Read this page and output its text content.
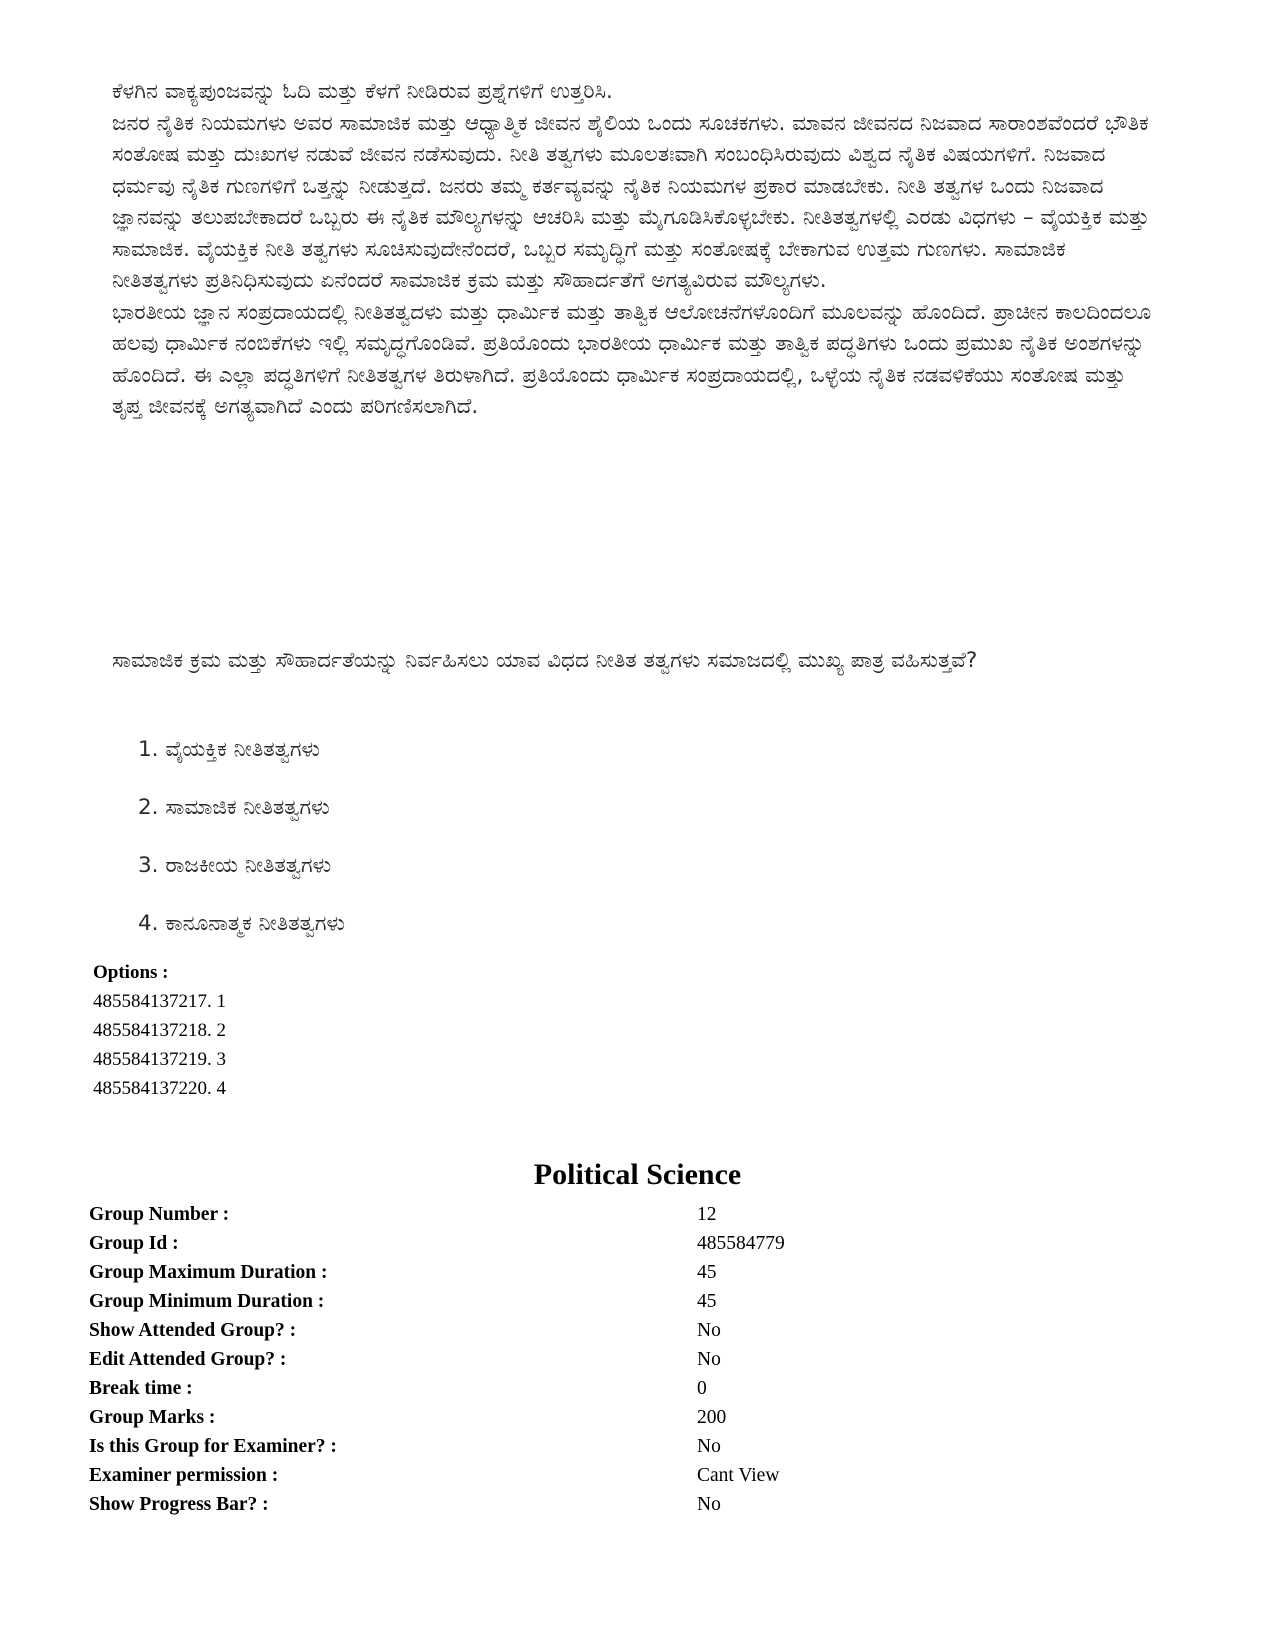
ಕೆಳಗಿನ ವಾಕ್ಯಪುಂಜವನ್ನು ಓದಿ ಮತ್ತು ಕೆಳಗೆ ನೀಡಿರುವ ಪ್ರಶ್ನೆಗಳಿಗೆ ಉತ್ತರಿಸಿ.

ಜನರ ನೈತಿಕ ನಿಯಮಗಳು ಅವರ ಸಾಮಾಜಿಕ ಮತ್ತು ಆಧ್ಯಾತ್ಮಿಕ ಜೀವನ ಶೈಲಿಯ ಒಂದು ಸೂಚಕಗಳು. ಮಾವನ ಜೀವನದ ನಿಜವಾದ ಸಾರಾಂಶವೆಂದರೆ ಭೌತಿಕ ಸಂತೋಷ ಮತ್ತು ದುಃಖಗಳ ನಡುವೆ ಜೀವನ ನಡೆಸುವುದು. ನೀತಿ ತತ್ವಗಳು ಮೂಲತಃವಾಗಿ ಸಂಬಂಧಿಸಿರುವುದು ವಿಶ್ವದ ನೈತಿಕ ವಿಷಯಗಳಿಗೆ. ನಿಜವಾದ ಧರ್ಮವು ನೈತಿಕ ಗುಣಗಳಿಗೆ ಒತ್ತನ್ನು ನೀಡುತ್ತದೆ. ಜನರು ತಮ್ಮ ಕರ್ತವ್ಯವನ್ನು ನೈತಿಕ ನಿಯಮಗಳ ಪ್ರಕಾರ ಮಾಡಬೇಕು. ನೀತಿ ತತ್ವಗಳ ಒಂದು ನಿಜವಾದ ಜ್ಞಾನವನ್ನು ತಲುಪಬೇಕಾದರೆ ಒಬ್ಬರು ಈ ನೈತಿಕ ಮೌಲ್ಯಗಳನ್ನು ಆಚರಿಸಿ ಮತ್ತು ಮೈಗೂಡಿಸಿಕೊಳ್ಳಬೇಕು. ನೀತಿತತ್ವಗಳಲ್ಲಿ ಎರಡು ವಿಧಗಳು – ವೈಯಕ್ತಿಕ ಮತ್ತು ಸಾಮಾಜಿಕ. ವೈಯಕ್ತಿಕ ನೀತಿ ತತ್ವಗಳು ಸೂಚಿಸುವುದೇನೆಂದರೆ, ಒಬ್ಬರ ಸಮೃದ್ಧಿಗೆ ಮತ್ತು ಸಂತೋಷಕ್ಕೆ ಬೇಕಾಗುವ ಉತ್ತಮ ಗುಣಗಳು. ಸಾಮಾಜಿಕ ನೀತಿತತ್ವಗಳು ಪ್ರತಿನಿಧಿಸುವುದು ಏನೆಂದರೆ ಸಾಮಾಜಿಕ ಕ್ರಮ ಮತ್ತು ಸೌಹಾರ್ದತೆಗೆ ಅಗತ್ಯವಿರುವ ಮೌಲ್ಯಗಳು.

ಭಾರತೀಯ ಜ್ಞಾನ ಸಂಪ್ರದಾಯದಲ್ಲಿ ನೀತಿತತ್ವದಳು ಮತ್ತು ಧಾರ್ಮಿಕ ಮತ್ತು ತಾತ್ವಿಕ ಆಲೋಚನೆಗಳೊಂದಿಗೆ ಮೂಲವನ್ನು ಹೊಂದಿದೆ. ಪ್ರಾಚೀನ ಕಾಲದಿಂದಲೂ ಹಲವು ಧಾರ್ಮಿಕ ನಂಬಿಕೆಗಳು ಇಲ್ಲಿ ಸಮೃದ್ಧಗೊಂಡಿವೆ. ಪ್ರತಿಯೊಂದು ಭಾರತೀಯ ಧಾರ್ಮಿಕ ಮತ್ತು ತಾತ್ವಿಕ ಪದ್ಧತಿಗಳು ಒಂದು ಪ್ರಮುಖ ನೈತಿಕ ಅಂಶಗಳನ್ನು ಹೊಂದಿದೆ. ಈ ಎಲ್ಲಾ ಪದ್ಧತಿಗಳಿಗೆ ನೀತಿತತ್ವಗಳ ತಿರುಳಾಗಿದೆ. ಪ್ರತಿಯೊಂದು ಧಾರ್ಮಿಕ ಸಂಪ್ರದಾಯದಲ್ಲಿ, ಒಳ್ಳೆಯ ನೈತಿಕ ನಡವಳಿಕೆಯು ಸಂತೋಷ ಮತ್ತು ತೃಪ್ತ ಜೀವನಕ್ಕೆ ಅಗತ್ಯವಾಗಿದೆ ಎಂದು ಪರಿಗಣಿಸಲಾಗಿದೆ.

ಸಾಮಾಜಿಕ ಕ್ರಮ ಮತ್ತು ಸೌಹಾರ್ದತೆಯನ್ನು ನಿರ್ವಹಿಸಲು ಯಾವ ವಿಧದ ನೀತಿತ ತತ್ವಗಳು ಸಮಾಜದಲ್ಲಿ ಮುಖ್ಯ ಪಾತ್ರ ವಹಿಸುತ್ತವೆ?
1. ವೈಯಕ್ತಿಕ ನೀತಿತತ್ವಗಳು
2. ಸಾಮಾಜಿಕ ನೀತಿತತ್ವಗಳು
3. ರಾಜಕೀಯ ನೀತಿತತ್ವಗಳು
4. ಕಾನೂನಾತ್ಮಕ ನೀತಿತತ್ವಗಳು
Options :
485584137217. 1
485584137218. 2
485584137219. 3
485584137220. 4
Political Science
Group Number :	12
Group Id :	485584779
Group Maximum Duration :	45
Group Minimum Duration :	45
Show Attended Group? :	No
Edit Attended Group? :	No
Break time :	0
Group Marks :	200
Is this Group for Examiner? :	No
Examiner permission :	Cant View
Show Progress Bar? :	No
